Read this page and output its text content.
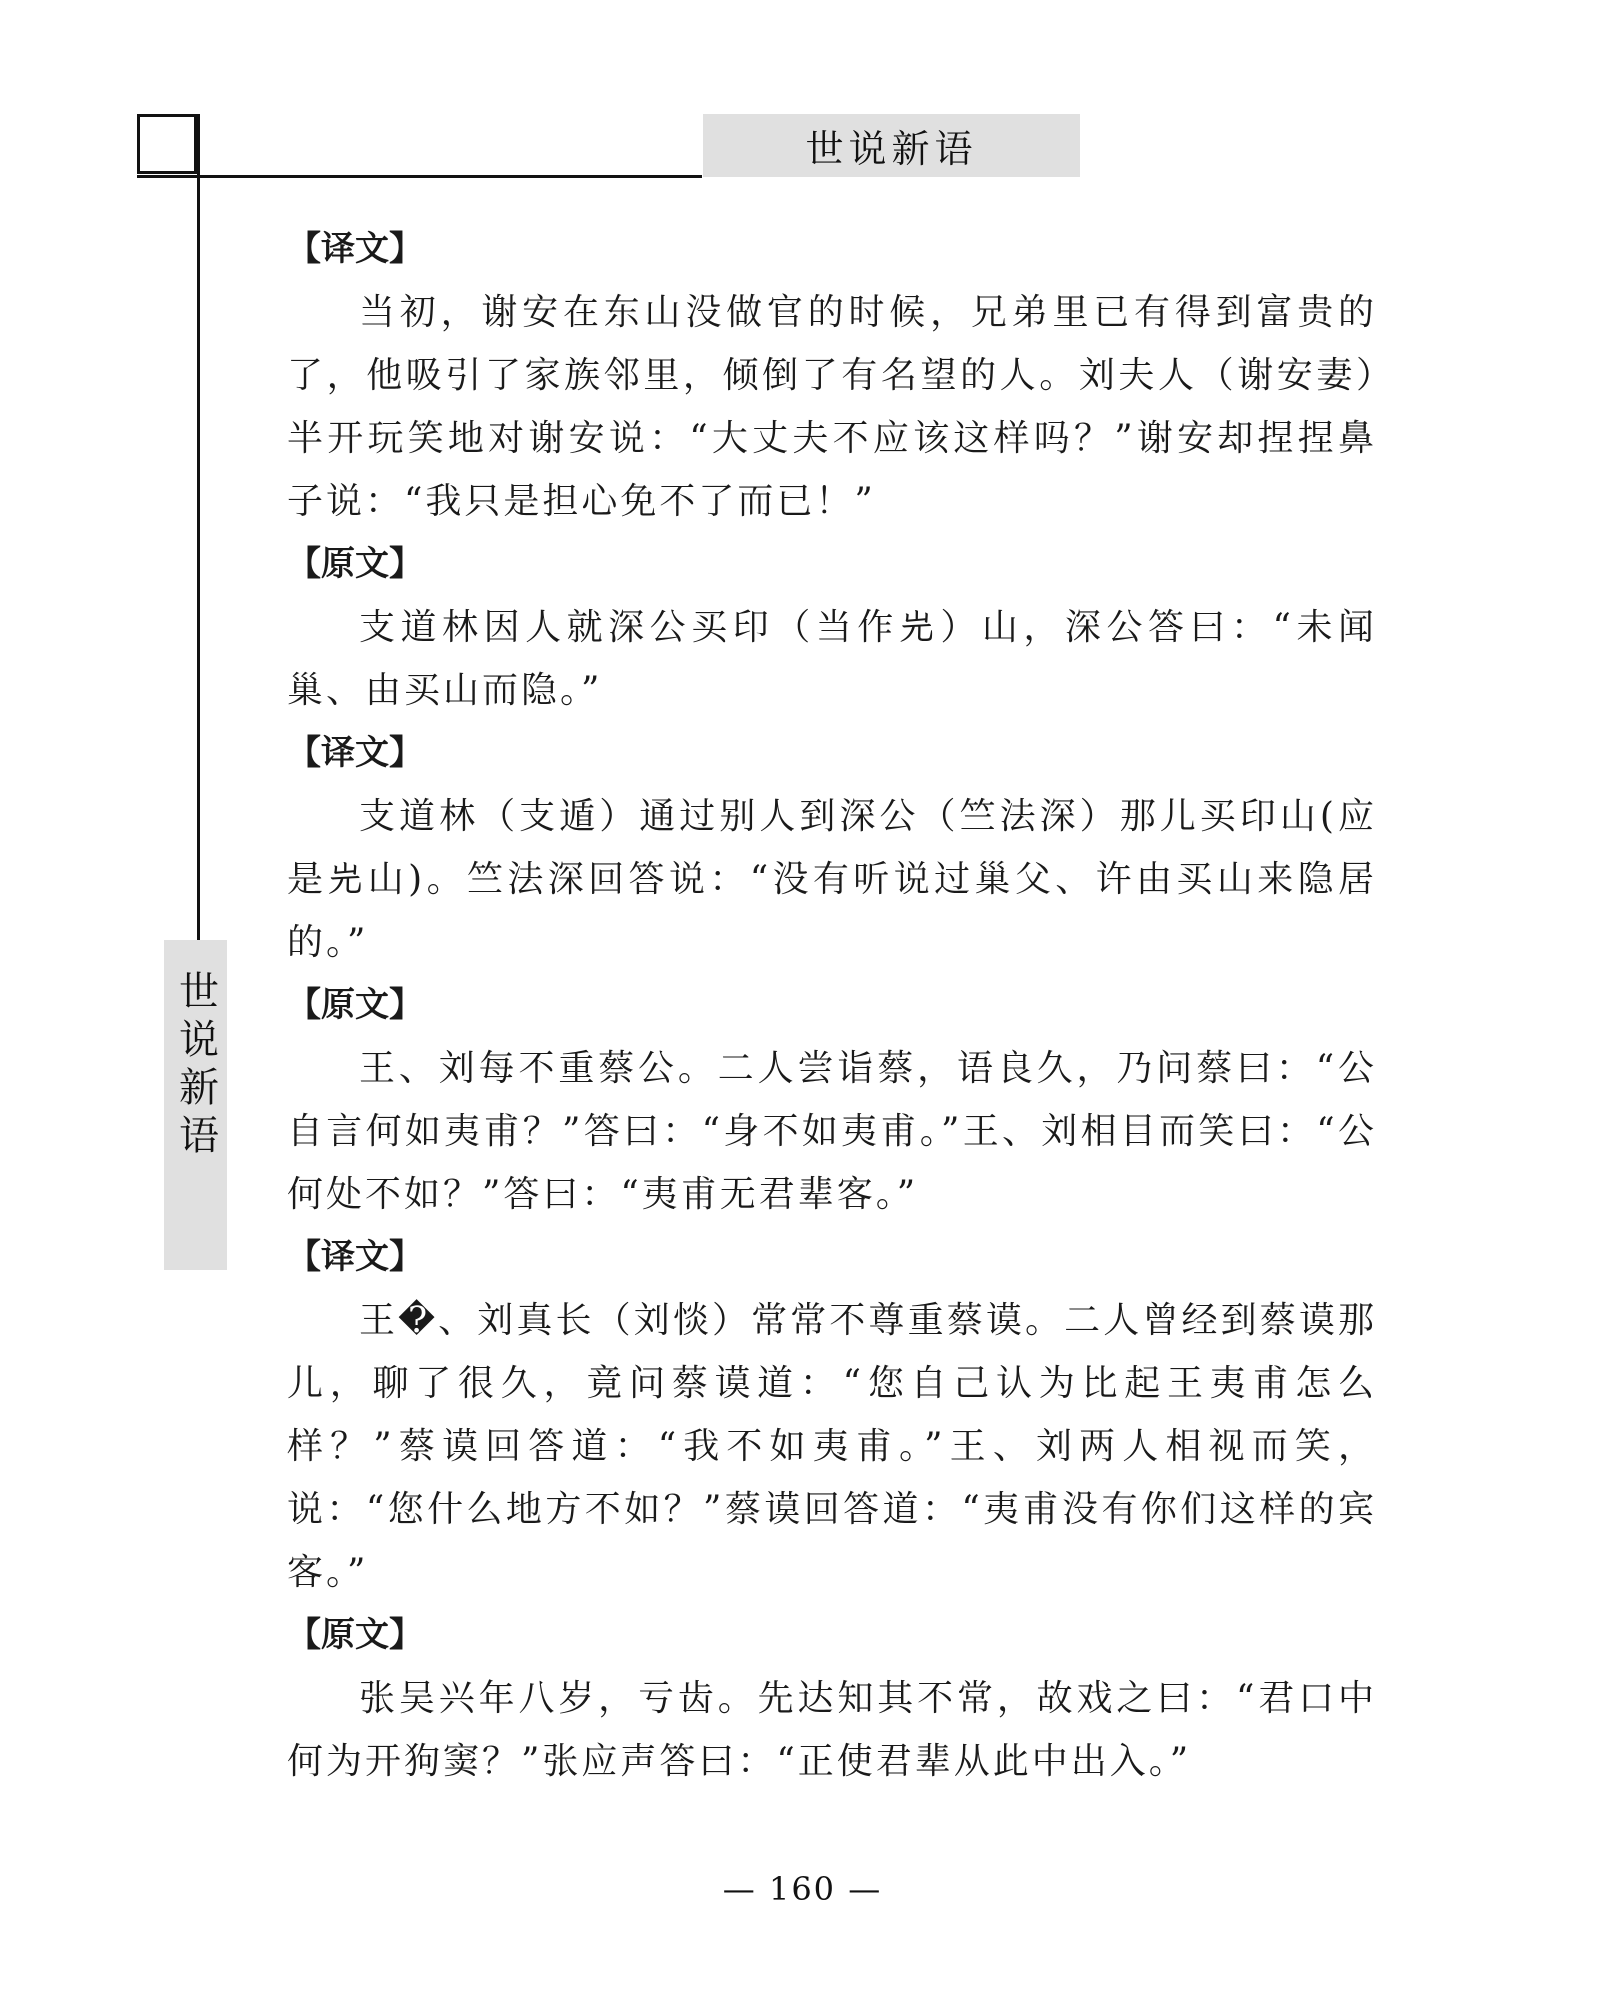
世说新语
世说新语

【译文】

当初，谢安在东山没做官的时候，兄弟里已有得到富贵的了，他吸引了家族邻里，倾倒了有名望的人。刘夫人（谢安妻）半开玩笑地对谢安说：“大丈夫不应该这样吗？”谢安却捏捏鼻子说：“我只是担心免不了而已！”

【原文】

支道林因人就深公买印（当作𡵉）山，深公答曰：“未闻巢、由买山而隐。”

【译文】

支道林（支遁）通过别人到深公（竺法深）那儿买印山(应是𡵉山)。竺法深回答说：“没有听说过巢父、许由买山来隐居的。”

【原文】

王、刘每不重蔡公。二人尝诣蔡，语良久，乃问蔡曰：“公自言何如夷甫？”答曰：“身不如夷甫。”王、刘相目而笑曰：“公何处不如？”答曰：“夷甫无君辈客。”

【译文】

王�、刘真长（刘惔）常常不尊重蔡谟。二人曾经到蔡谟那儿，聊了很久，竟问蔡谟道：“您自己认为比起王夷甫怎么样？”蔡谟回答道：“我不如夷甫。”王、刘两人相视而笑，说：“您什么地方不如？”蔡谟回答道：“夷甫没有你们这样的宾客。”

【原文】

张吴兴年八岁，亏齿。先达知其不常，故戏之曰：“君口中何为开狗窦？”张应声答曰：“正使君辈从此中出入。”

— 160 —
